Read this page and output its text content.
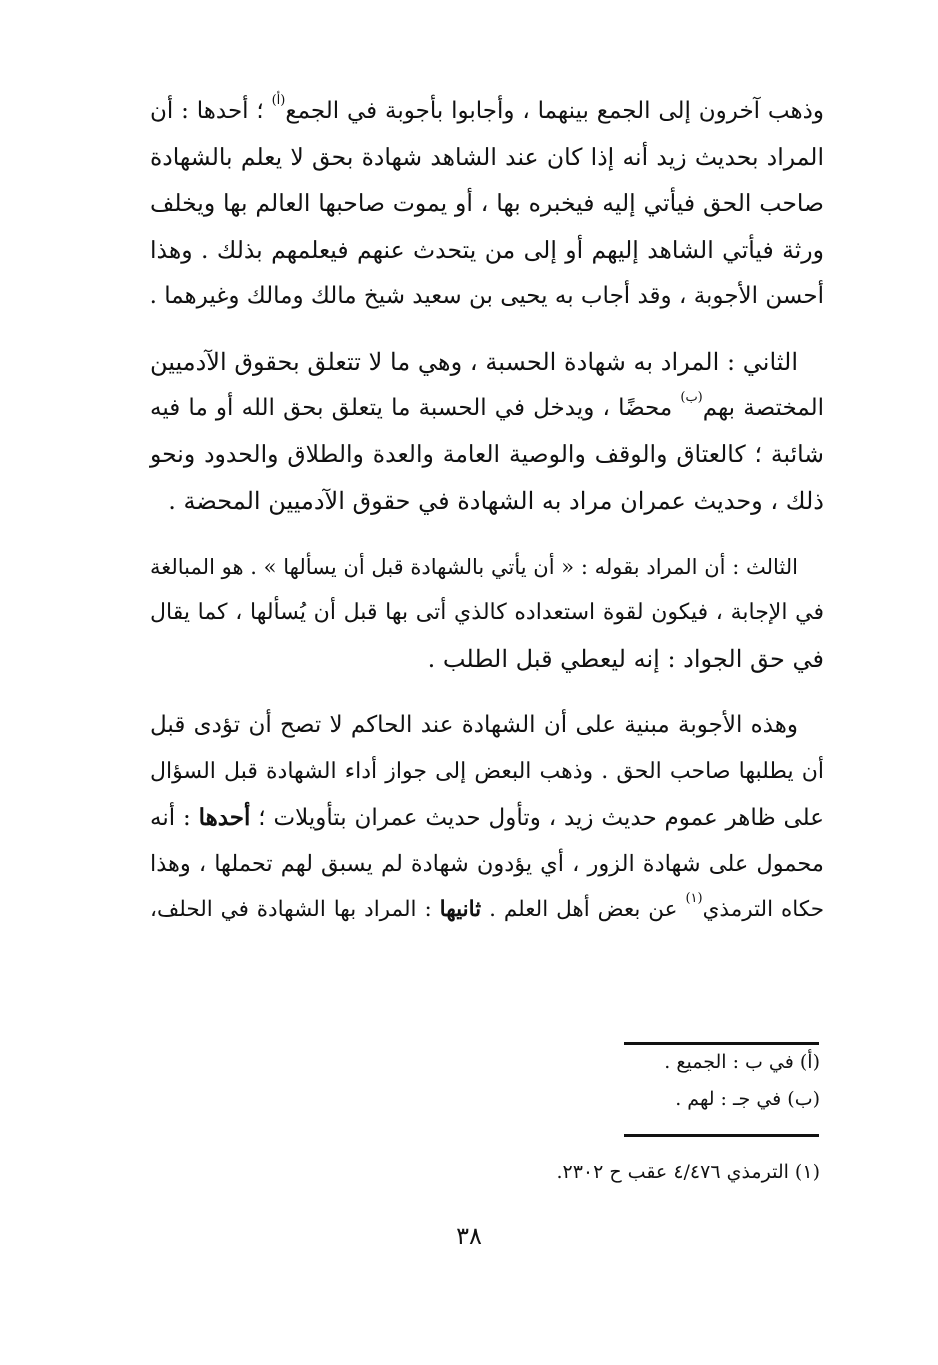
وذهب آخرون إلى الجمع بينهما ، وأجابوا بأجوبة في الجمع$^{(أ)}$ ؛ أحدها : أن
المراد بحديث زيد أنه إذا كان عند الشاهد شهادة بحق لا يعلم بالشهادة
صاحب الحق فيأتي إليه فيخبره بها ، أو يموت صاحبها العالم بها ويخلف
ورثة فيأتي الشاهد إليهم أو إلى من يتحدث عنهم فيعلمهم بذلك . وهذا
أحسن الأجوبة ، وقد أجاب به يحيى بن سعيد شيخ مالك ومالك وغيرهما .

الثاني : المراد به شهادة الحسبة ، وهي ما لا تتعلق بحقوق الآدميين
المختصة بهم$^{(ب)}$ محضًا ، ويدخل في الحسبة ما يتعلق بحق الله أو ما فيه
شائبة ؛ كالعتاق والوقف والوصية العامة والعدة والطلاق والحدود ونحو
ذلك ، وحديث عمران مراد به الشهادة في حقوق الآدميين المحضة .

الثالث : أن المراد بقوله : « أن يأتي بالشهادة قبل أن يسألها » . هو المبالغة
في الإجابة ، فيكون لقوة استعداده كالذي أتى بها قبل أن يُسألها ، كما يقال
في حق الجواد : إنه ليعطي قبل الطلب .

وهذه الأجوبة مبنية على أن الشهادة عند الحاكم لا تصح أن تؤدى قبل
أن يطلبها صاحب الحق . وذهب البعض إلى جواز أداء الشهادة قبل السؤال
على ظاهر عموم حديث زيد ، وتأول حديث عمران بتأويلات ؛ أحدها : أنه
محمول على شهادة الزور ، أي يؤدون شهادة لم يسبق لهم تحملها ، وهذا
حكاه الترمذي$^{(١)}$ عن بعض أهل العلم . ثانيها : المراد بها الشهادة في الحلف،

(أ) في ب : الجميع .
(ب) في جـ : لهم .
(١) الترمذي ٤/٤٧٦ عقب ح ٢٣٠٢.
٣٨
